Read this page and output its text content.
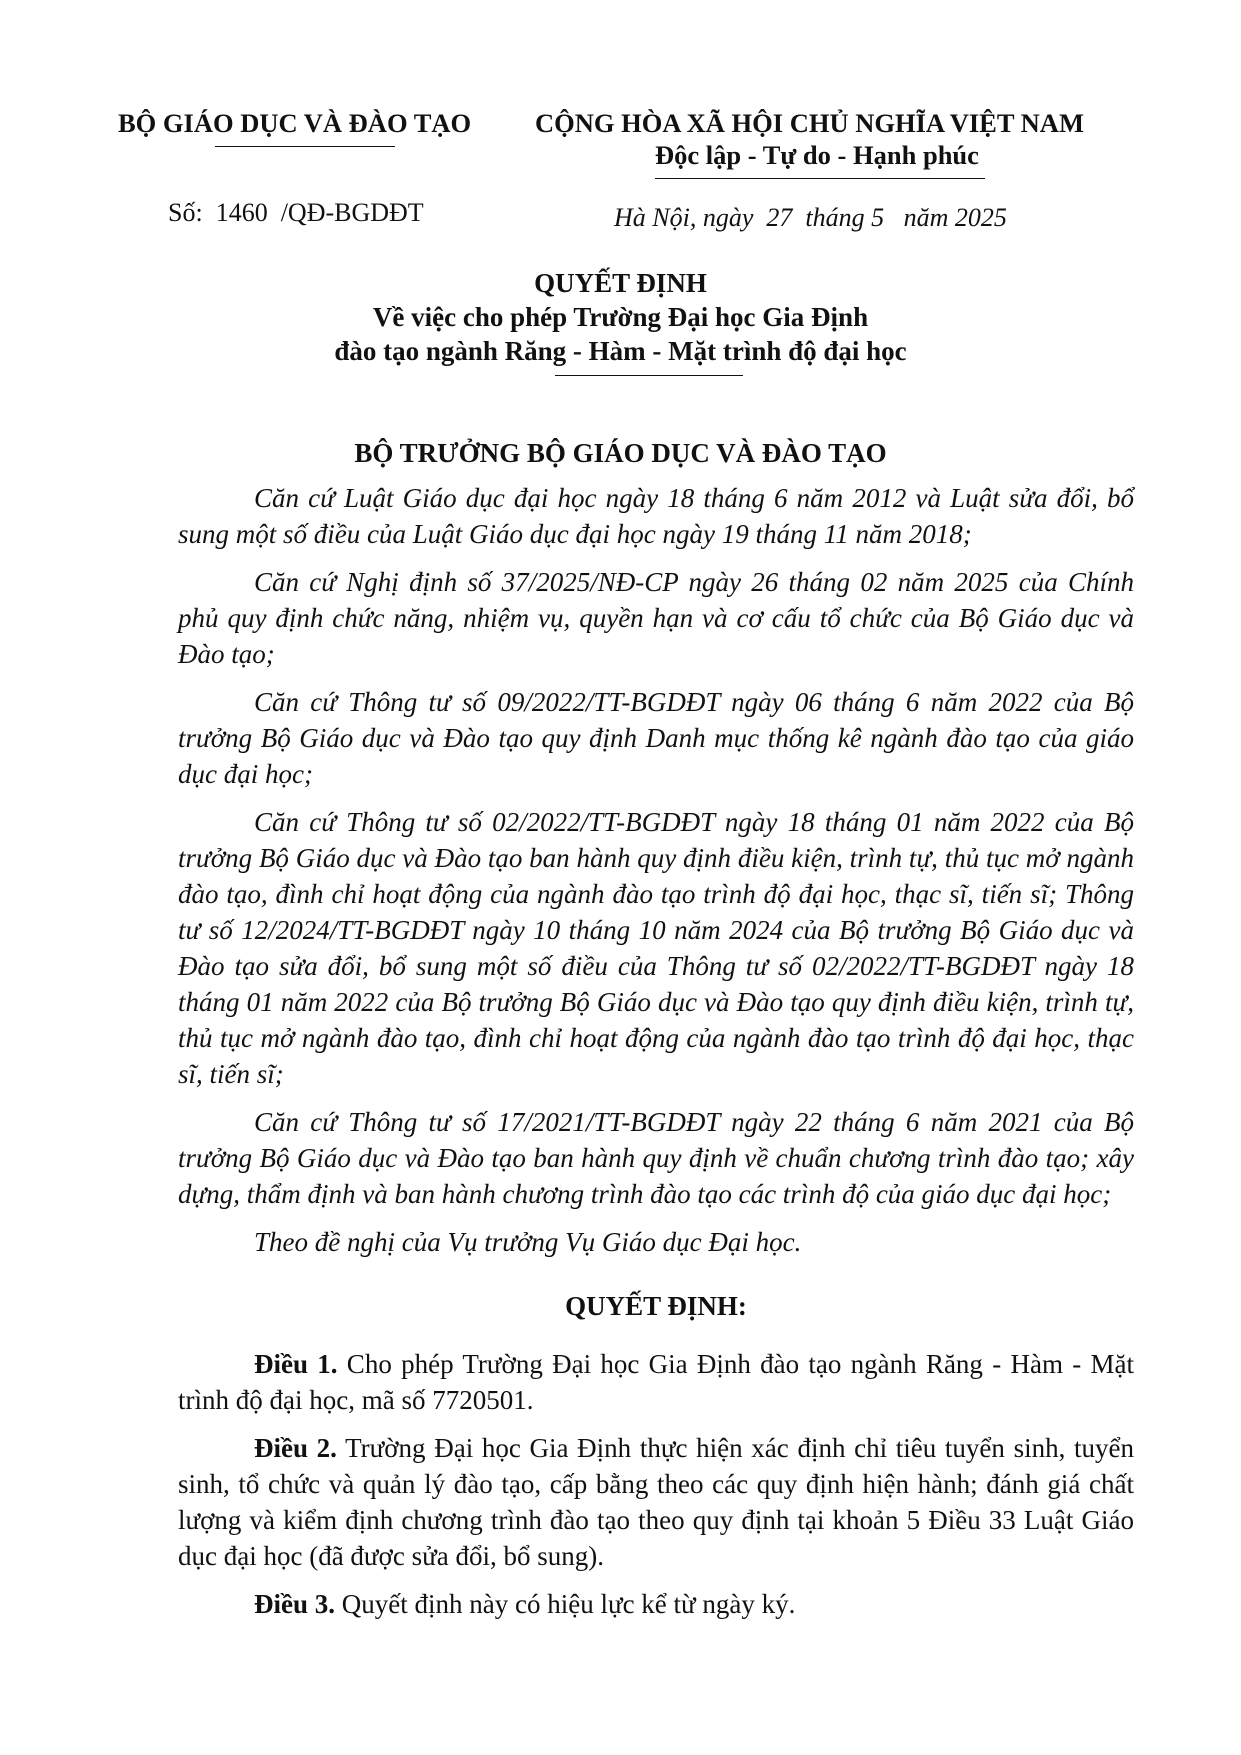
BỘ GIÁO DỤC VÀ ĐÀO TẠO CỘNG HÒA XÃ HỘI CHỦ NGHĨA VIỆT NAM
Độc lập - Tự do - Hạnh phúc
Số: 1460 /QĐ-BGDĐT	Hà Nội, ngày  27  tháng 5   năm 2025
QUYẾT ĐỊNH
Về việc cho phép Trường Đại học Gia Định
đào tạo ngành Răng - Hàm - Mặt trình độ đại học
BỘ TRƯỞNG BỘ GIÁO DỤC VÀ ĐÀO TẠO

Căn cứ Luật Giáo dục đại học ngày 18 tháng 6 năm 2012 và Luật sửa đổi, bổ sung một số điều của Luật Giáo dục đại học ngày 19 tháng 11 năm 2018;

Căn cứ Nghị định số 37/2025/NĐ-CP ngày 26 tháng 02 năm 2025 của Chính phủ quy định chức năng, nhiệm vụ, quyền hạn và cơ cấu tổ chức của Bộ Giáo dục và Đào tạo;

Căn cứ Thông tư số 09/2022/TT-BGDĐT ngày 06 tháng 6 năm 2022 của Bộ trưởng Bộ Giáo dục và Đào tạo quy định Danh mục thống kê ngành đào tạo của giáo dục đại học;

Căn cứ Thông tư số 02/2022/TT-BGDĐT ngày 18 tháng 01 năm 2022 của Bộ trưởng Bộ Giáo dục và Đào tạo ban hành quy định điều kiện, trình tự, thủ tục mở ngành đào tạo, đình chỉ hoạt động của ngành đào tạo trình độ đại học, thạc sĩ, tiến sĩ; Thông tư số 12/2024/TT-BGDĐT ngày 10 tháng 10 năm 2024 của Bộ trưởng Bộ Giáo dục và Đào tạo sửa đổi, bổ sung một số điều của Thông tư số 02/2022/TT-BGDĐT ngày 18 tháng 01 năm 2022 của Bộ trưởng Bộ Giáo dục và Đào tạo quy định điều kiện, trình tự, thủ tục mở ngành đào tạo, đình chỉ hoạt động của ngành đào tạo trình độ đại học, thạc sĩ, tiến sĩ;

Căn cứ Thông tư số 17/2021/TT-BGDĐT ngày 22 tháng 6 năm 2021 của Bộ trưởng Bộ Giáo dục và Đào tạo ban hành quy định về chuẩn chương trình đào tạo; xây dựng, thẩm định và ban hành chương trình đào tạo các trình độ của giáo dục đại học;

Theo đề nghị của Vụ trưởng Vụ Giáo dục Đại học.

QUYẾT ĐỊNH:

Điều 1. Cho phép Trường Đại học Gia Định đào tạo ngành Răng - Hàm - Mặt trình độ đại học, mã số 7720501.

Điều 2. Trường Đại học Gia Định thực hiện xác định chỉ tiêu tuyển sinh, tuyển sinh, tổ chức và quản lý đào tạo, cấp bằng theo các quy định hiện hành; đánh giá chất lượng và kiểm định chương trình đào tạo theo quy định tại khoản 5 Điều 33 Luật Giáo dục đại học (đã được sửa đổi, bổ sung).

Điều 3. Quyết định này có hiệu lực kể từ ngày ký.
